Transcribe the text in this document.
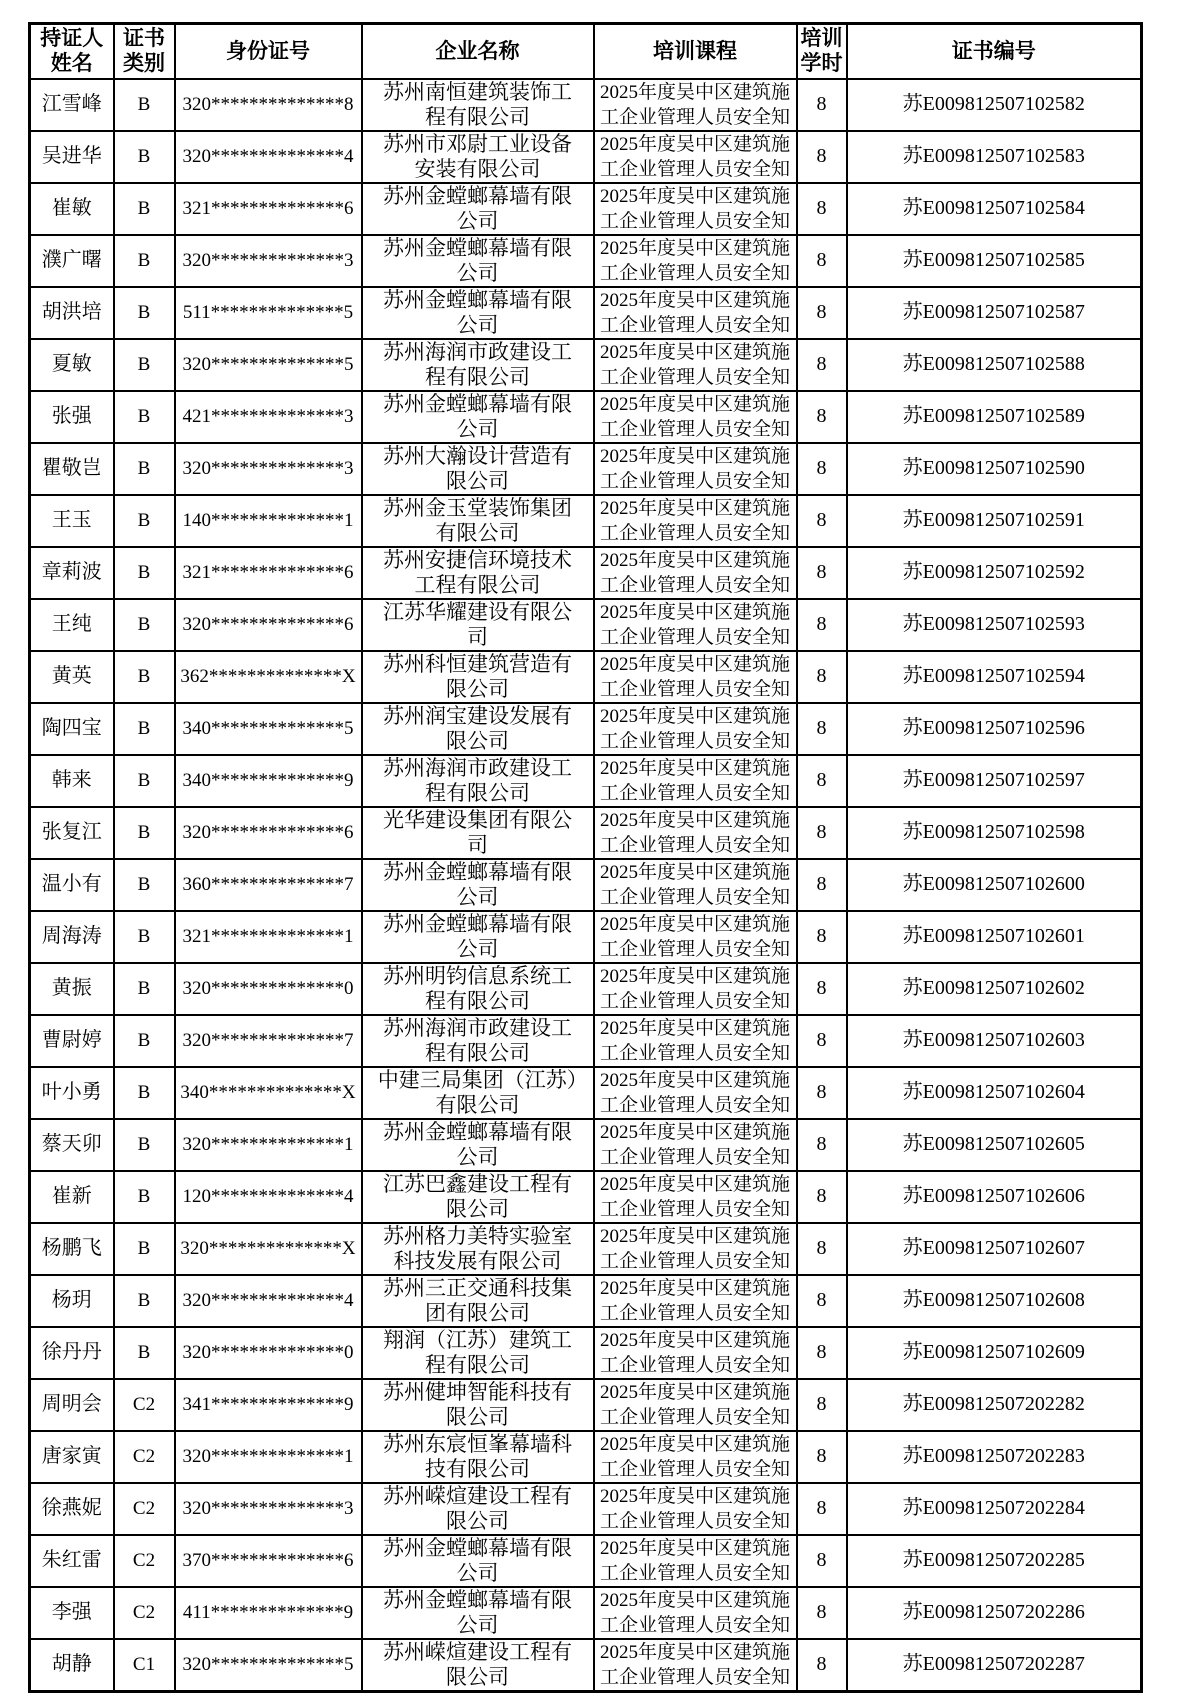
持证人姓名	证书类别	身份证号	企业名称	培训课程	培训学时	证书编号
江雪峰	B	320**************8	苏州南恒建筑装饰工程有限公司	2025年度吴中区建筑施工企业管理人员安全知	8	苏E009812507102582
吴进华	B	320**************4	苏州市邓尉工业设备安装有限公司	2025年度吴中区建筑施工企业管理人员安全知	8	苏E009812507102583
崔敏	B	321**************6	苏州金螳螂幕墙有限公司	2025年度吴中区建筑施工企业管理人员安全知	8	苏E009812507102584
濮广曙	B	320**************3	苏州金螳螂幕墙有限公司	2025年度吴中区建筑施工企业管理人员安全知	8	苏E009812507102585
胡洪培	B	511**************5	苏州金螳螂幕墙有限公司	2025年度吴中区建筑施工企业管理人员安全知	8	苏E009812507102587
夏敏	B	320**************5	苏州海润市政建设工程有限公司	2025年度吴中区建筑施工企业管理人员安全知	8	苏E009812507102588
张强	B	421**************3	苏州金螳螂幕墙有限公司	2025年度吴中区建筑施工企业管理人员安全知	8	苏E009812507102589
瞿敬岂	B	320**************3	苏州大瀚设计营造有限公司	2025年度吴中区建筑施工企业管理人员安全知	8	苏E009812507102590
王玉	B	140**************1	苏州金玉堂装饰集团有限公司	2025年度吴中区建筑施工企业管理人员安全知	8	苏E009812507102591
章莉波	B	321**************6	苏州安捷信环境技术工程有限公司	2025年度吴中区建筑施工企业管理人员安全知	8	苏E009812507102592
王纯	B	320**************6	江苏华耀建设有限公司	2025年度吴中区建筑施工企业管理人员安全知	8	苏E009812507102593
黄英	B	362**************X	苏州科恒建筑营造有限公司	2025年度吴中区建筑施工企业管理人员安全知	8	苏E009812507102594
陶四宝	B	340**************5	苏州润宝建设发展有限公司	2025年度吴中区建筑施工企业管理人员安全知	8	苏E009812507102596
韩来	B	340**************9	苏州海润市政建设工程有限公司	2025年度吴中区建筑施工企业管理人员安全知	8	苏E009812507102597
张复江	B	320**************6	光华建设集团有限公司	2025年度吴中区建筑施工企业管理人员安全知	8	苏E009812507102598
温小有	B	360**************7	苏州金螳螂幕墙有限公司	2025年度吴中区建筑施工企业管理人员安全知	8	苏E009812507102600
周海涛	B	321**************1	苏州金螳螂幕墙有限公司	2025年度吴中区建筑施工企业管理人员安全知	8	苏E009812507102601
黄振	B	320**************0	苏州明钧信息系统工程有限公司	2025年度吴中区建筑施工企业管理人员安全知	8	苏E009812507102602
曹尉婷	B	320**************7	苏州海润市政建设工程有限公司	2025年度吴中区建筑施工企业管理人员安全知	8	苏E009812507102603
叶小勇	B	340**************X	中建三局集团（江苏）有限公司	2025年度吴中区建筑施工企业管理人员安全知	8	苏E009812507102604
蔡天卯	B	320**************1	苏州金螳螂幕墙有限公司	2025年度吴中区建筑施工企业管理人员安全知	8	苏E009812507102605
崔新	B	120**************4	江苏巴鑫建设工程有限公司	2025年度吴中区建筑施工企业管理人员安全知	8	苏E009812507102606
杨鹏飞	B	320**************X	苏州格力美特实验室科技发展有限公司	2025年度吴中区建筑施工企业管理人员安全知	8	苏E009812507102607
杨玥	B	320**************4	苏州三正交通科技集团有限公司	2025年度吴中区建筑施工企业管理人员安全知	8	苏E009812507102608
徐丹丹	B	320**************0	翔润（江苏）建筑工程有限公司	2025年度吴中区建筑施工企业管理人员安全知	8	苏E009812507102609
周明会	C2	341**************9	苏州健坤智能科技有限公司	2025年度吴中区建筑施工企业管理人员安全知	8	苏E009812507202282
唐家寅	C2	320**************1	苏州东宸恒峯幕墙科技有限公司	2025年度吴中区建筑施工企业管理人员安全知	8	苏E009812507202283
徐燕妮	C2	320**************3	苏州嵘煊建设工程有限公司	2025年度吴中区建筑施工企业管理人员安全知	8	苏E009812507202284
朱红雷	C2	370**************6	苏州金螳螂幕墙有限公司	2025年度吴中区建筑施工企业管理人员安全知	8	苏E009812507202285
李强	C2	411**************9	苏州金螳螂幕墙有限公司	2025年度吴中区建筑施工企业管理人员安全知	8	苏E009812507202286
胡静	C1	320**************5	苏州嵘煊建设工程有限公司	2025年度吴中区建筑施工企业管理人员安全知	8	苏E009812507202287
